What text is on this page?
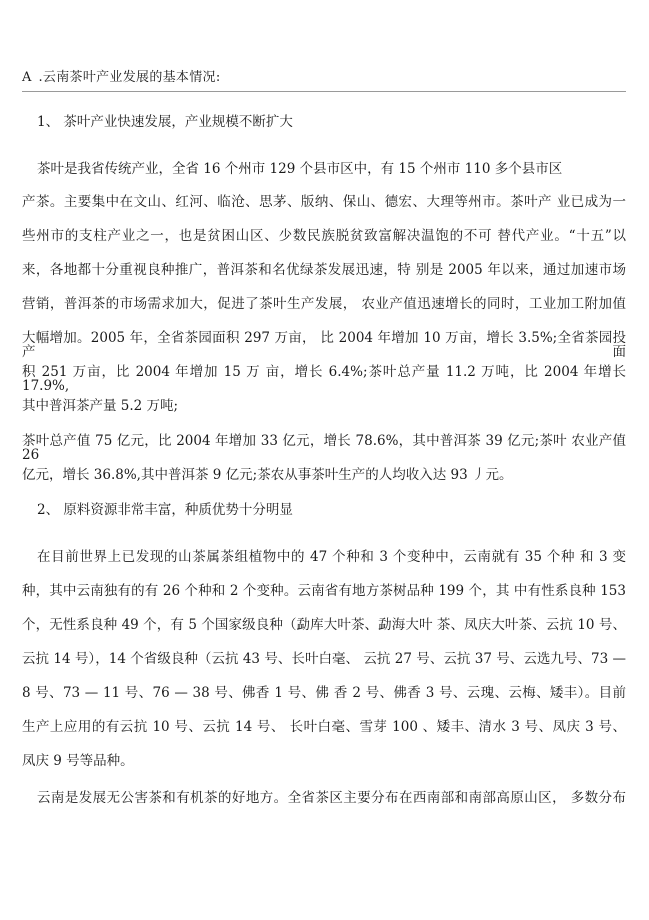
A .云南茶叶产业发展的基本情况:
1、 茶叶产业快速发展，产业规模不断扩大
茶叶是我省传统产业，全省 16 个州市 129 个县市区中，有 15 个州市 110 多个县市区
产茶。主要集中在文山、红河、临沧、思茅、版纳、保山、德宏、大理等州市。茶叶产 业已成为一
些州市的支柱产业之一，也是贫困山区、少数民族脱贫致富解决温饱的不可 替代产业。“十五”以
来，各地都十分重视良种推广，普洱茶和名优绿茶发展迅速，特 别是 2005 年以来，通过加速市场
营销，普洱茶的市场需求加大，促进了茶叶生产发展， 农业产值迅速增长的同时，工业加工附加值
大幅增加。2005 年，全省茶园面积 297 万亩， 比 2004 年增加 10 万亩，增长 3.5%;全省茶园投产面
积 251 万亩，比 2004 年增加 15 万 亩，增长 6.4%;茶叶总产量 11.2 万吨，比 2004 年增长 17.9%,
其中普洱茶产量 5.2 万吨;
茶叶总产值 75 亿元，比 2004 年增加 33 亿元，增长 78.6%，其中普洱茶 39 亿元;茶叶 农业产值 26
亿元，增长 36.8%,其中普洱茶 9 亿元;茶农从事茶叶生产的人均收入达 93 丿元。
2、 原料资源非常丰富，种质优势十分明显
在目前世界上已发现的山茶属茶组植物中的 47 个种和 3 个变种中，云南就有 35 个种 和 3 变
种，其中云南独有的有 26 个种和 2 个变种。云南省有地方茶树品种 199 个，其 中有性系良种 153
个，无性系良种 49 个，有 5 个国家级良种（勐库大叶茶、勐海大叶 茶、凤庆大叶茶、云抗 10 号、
云抗 14 号），14 个省级良种（云抗 43 号、长叶白毫、 云抗 27 号、云抗 37 号、云选九号、73 —
8 号、73 — 11 号、76 — 38 号、佛香 1 号、佛 香 2 号、佛香 3 号、云瑰、云梅、矮丰）。目前
生产上应用的有云抗 10 号、云抗 14 号、 长叶白毫、雪芽 100 、矮丰、清水 3 号、凤庆 3 号、
凤庆 9 号等品种。
云南是发展无公害茶和有机茶的好地方。全省茶区主要分布在西南部和南部高原山区， 多数分布
